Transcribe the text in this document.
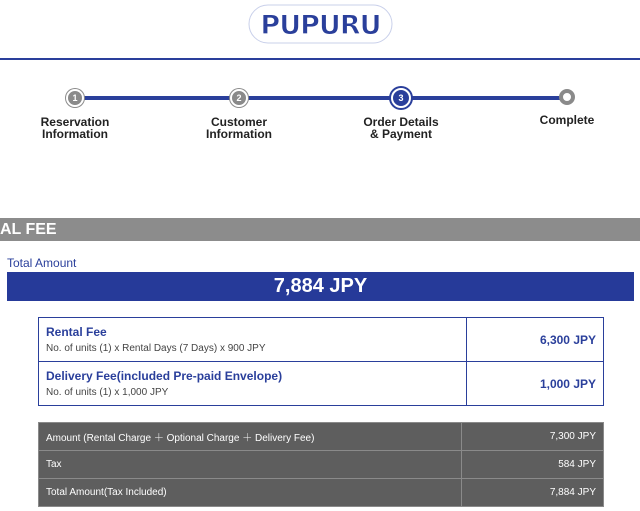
PUPURU
1
Reservation
Information
2
Customer
Information
3
Order Details
& Payment
Complete
AL FEE
Total Amount
7,884 JPY
Rental Fee
No. of units (1) x Rental Days (7 Days) x 900 JPY	6,300 JPY

Delivery Fee(included Pre-paid Envelope)
No. of units (1) x 1,000 JPY	1,000 JPY
Amount (Rental Charge ＋ Optional Charge ＋ Delivery Fee)	7,300 JPY
Tax	584 JPY
Total Amount(Tax Included)	7,884 JPY
